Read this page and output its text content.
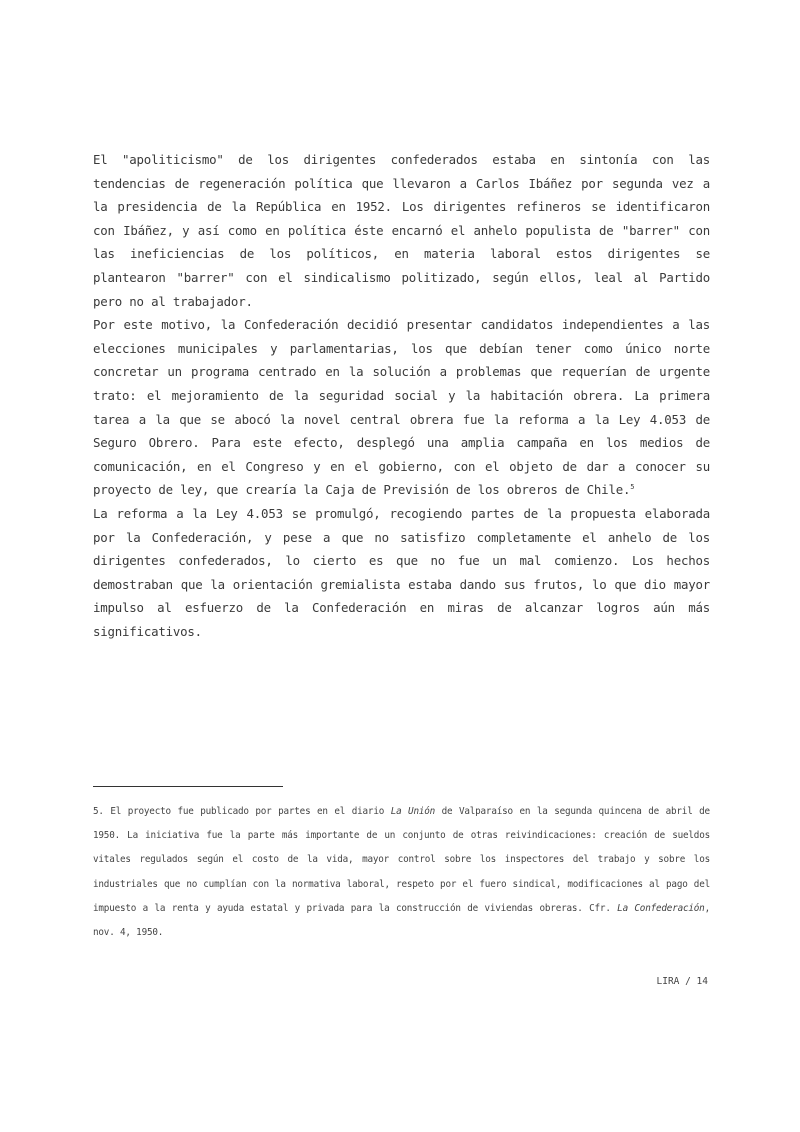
El "apoliticismo" de los dirigentes confederados estaba en sintonía con las tendencias de regeneración política que llevaron a Carlos Ibáñez por segunda vez a la presidencia de la República en 1952. Los dirigentes refineros se identificaron con Ibáñez, y así como en política éste encarnó el anhelo populista de "barrer" con las ineficiencias de los políticos, en materia laboral estos dirigentes se plantearon "barrer" con el sindicalismo politizado, según ellos, leal al Partido pero no al trabajador.

Por este motivo, la Confederación decidió presentar candidatos independientes a las elecciones municipales y parlamentarias, los que debían tener como único norte concretar un programa centrado en la solución a problemas que requerían de urgente trato: el mejoramiento de la seguridad social y la habitación obrera. La primera tarea a la que se abocó la novel central obrera fue la reforma a la Ley 4.053 de Seguro Obrero. Para este efecto, desplegó una amplia campaña en los medios de comunicación, en el Congreso y en el gobierno, con el objeto de dar a conocer su proyecto de ley, que crearía la Caja de Previsión de los obreros de Chile.$^5$

La reforma a la Ley 4.053 se promulgó, recogiendo partes de la propuesta elaborada por la Confederación, y pese a que no satisfizo completamente el anhelo de los dirigentes confederados, lo cierto es que no fue un mal comienzo. Los hechos demostraban que la orientación gremialista estaba dando sus frutos, lo que dio mayor impulso al esfuerzo de la Confederación en miras de alcanzar logros aún más significativos.

5. El proyecto fue publicado por partes en el diario La Unión de Valparaíso en la segunda quincena de abril de 1950. La iniciativa fue la parte más importante de un conjunto de otras reivindicaciones: creación de sueldos vitales regulados según el costo de la vida, mayor control sobre los inspectores del trabajo y sobre los industriales que no cumplían con la normativa laboral, respeto por el fuero sindical, modificaciones al pago del impuesto a la renta y ayuda estatal y privada para la construcción de viviendas obreras. Cfr. La Confederación, nov. 4, 1950.

LIRA / 14
